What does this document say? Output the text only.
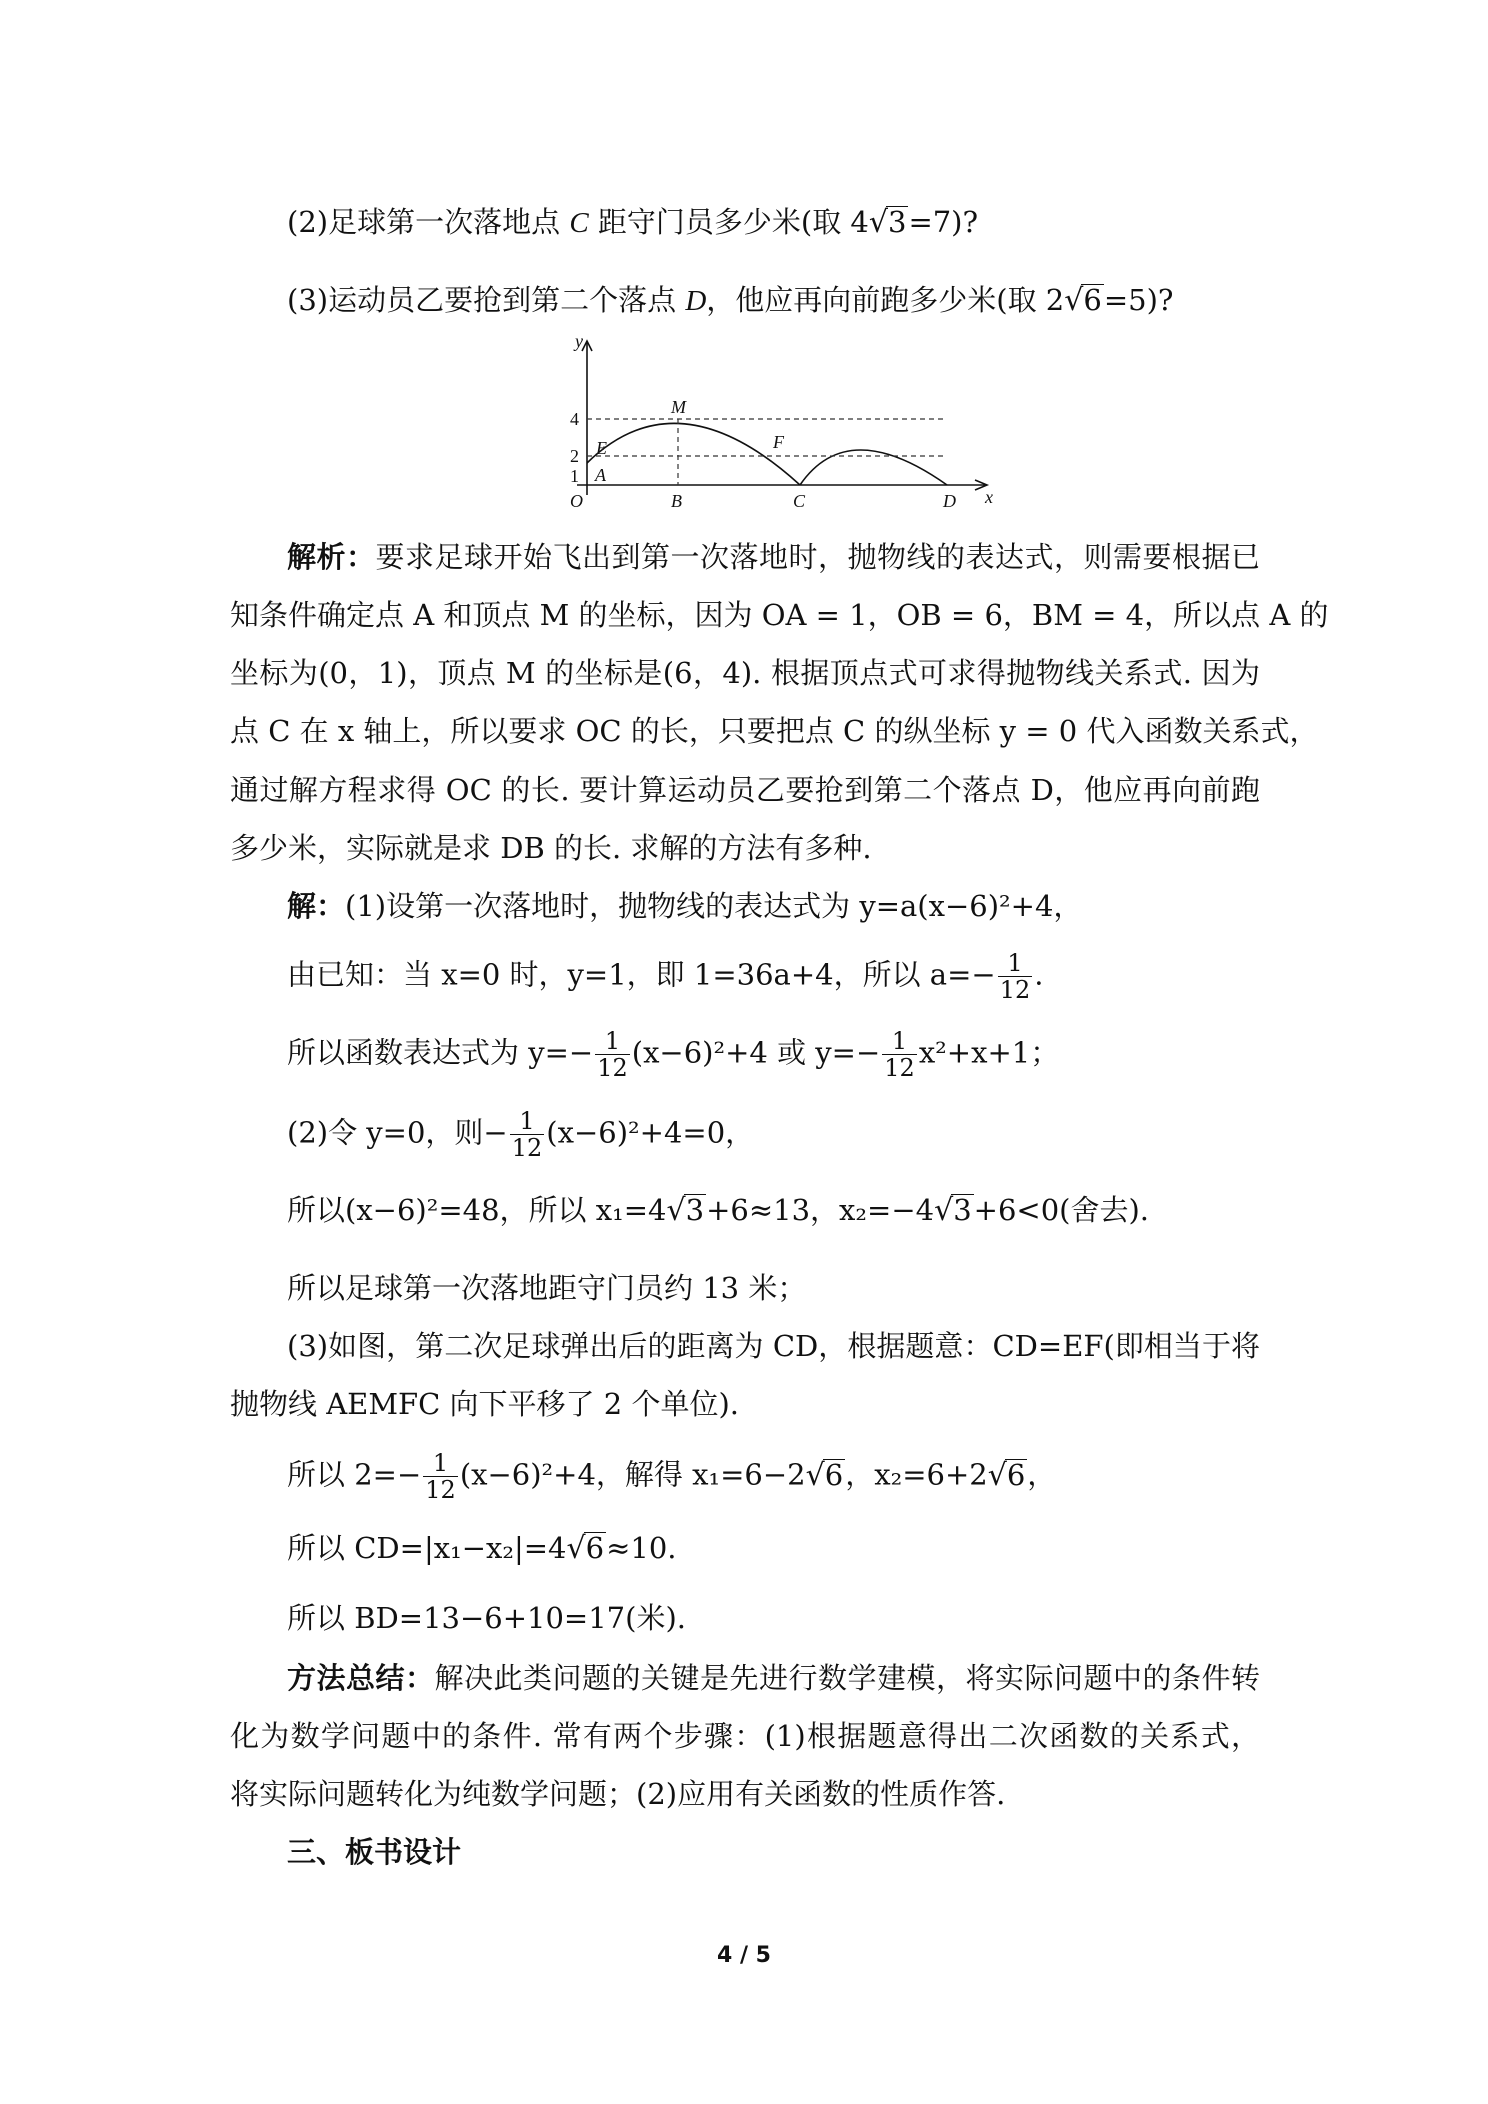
(2)足球第一次落地点 C 距守门员多少米(取 4√3=7)?
(3)运动员乙要抢到第二个落点 D，他应再向前跑多少米(取 2√6=5)?
y
x
O
4
2
1
M
E	F
A
B	C	D
解析：要求足球开始飞出到第一次落地时，抛物线的表达式，则需要根据已
知条件确定点 A 和顶点 M 的坐标，因为 OA = 1，OB = 6，BM = 4，所以点 A 的
坐标为(0，1)，顶点 M 的坐标是(6，4). 根据顶点式可求得抛物线关系式. 因为
点 C 在 x 轴上，所以要求 OC 的长，只要把点 C 的纵坐标 y = 0 代入函数关系式，
通过解方程求得 OC 的长. 要计算运动员乙要抢到第二个落点 D，他应再向前跑
多少米，实际就是求 DB 的长. 求解的方法有多种.
解：(1)设第一次落地时，抛物线的表达式为 y=a(x−6)²+4，
由已知：当 x=0 时，y=1，即 1=36a+4，所以 $a=- \frac{1}{12}$ .
所以函数表达式为 $y=- \frac{1}{12} (x-6)^2+4$ 或 $y=- \frac{1}{12} x^2+x+1$；
(2)令 y=0，则− $\frac{1}{12} (x-6)^2+4=0$，
所以(x−6)²=48，所以 x₁=4√3+6≈13，x₂=−4√3+6<0(舍去).
所以足球第一次落地距守门员约 13 米；
(3)如图，第二次足球弹出后的距离为 CD，根据题意：CD=EF(即相当于将
抛物线 AEMFC 向下平移了 2 个单位).
所以 $2=- \frac{1}{12} (x-6)^2+4$，解得 x₁=6−2√6，x₂=6+2√6，
所以 CD=|x₁−x₂|=4√6≈10.
所以 BD=13−6+10=17(米).
方法总结：解决此类问题的关键是先进行数学建模，将实际问题中的条件转
化为数学问题中的条件. 常有两个步骤：(1)根据题意得出二次函数的关系式，
将实际问题转化为纯数学问题；(2)应用有关函数的性质作答.
三、板书设计
4 / 5
